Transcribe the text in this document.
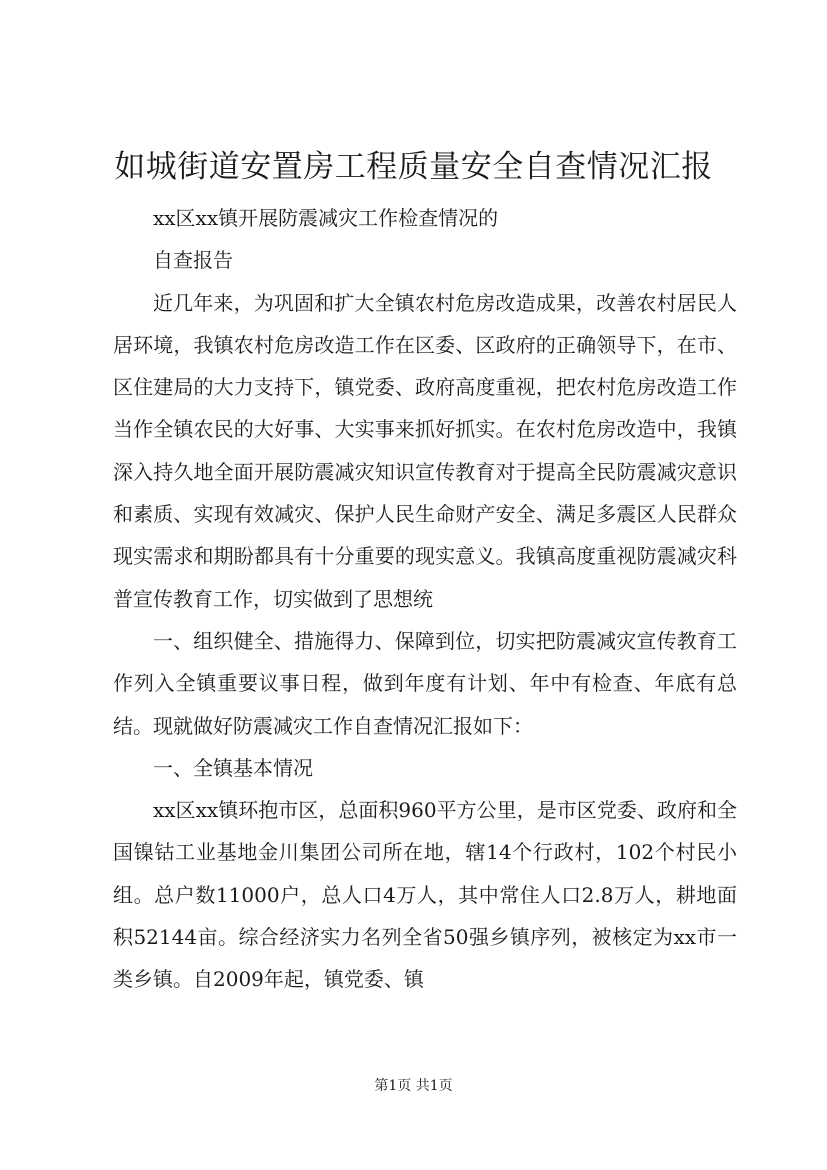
如城街道安置房工程质量安全自查情况汇报

xx区xx镇开展防震减灾工作检查情况的

自查报告

近几年来，为巩固和扩大全镇农村危房改造成果，改善农村居民人居环境，我镇农村危房改造工作在区委、区政府的正确领导下，在市、区住建局的大力支持下，镇党委、政府高度重视，把农村危房改造工作当作全镇农民的大好事、大实事来抓好抓实。在农村危房改造中，我镇深入持久地全面开展防震减灾知识宣传教育对于提高全民防震减灾意识和素质、实现有效减灾、保护人民生命财产安全、满足多震区人民群众现实需求和期盼都具有十分重要的现实意义。我镇高度重视防震减灾科普宣传教育工作，切实做到了思想统

一、组织健全、措施得力、保障到位，切实把防震减灾宣传教育工作列入全镇重要议事日程，做到年度有计划、年中有检查、年底有总结。现就做好防震减灾工作自查情况汇报如下：

一、全镇基本情况

xx区xx镇环抱市区，总面积960平方公里，是市区党委、政府和全国镍钴工业基地金川集团公司所在地，辖14个行政村，102个村民小组。总户数11000户，总人口4万人，其中常住人口2.8万人，耕地面积52144亩。综合经济实力名列全省50强乡镇序列，被核定为xx市一类乡镇。自2009年起，镇党委、镇

第1页 共1页
